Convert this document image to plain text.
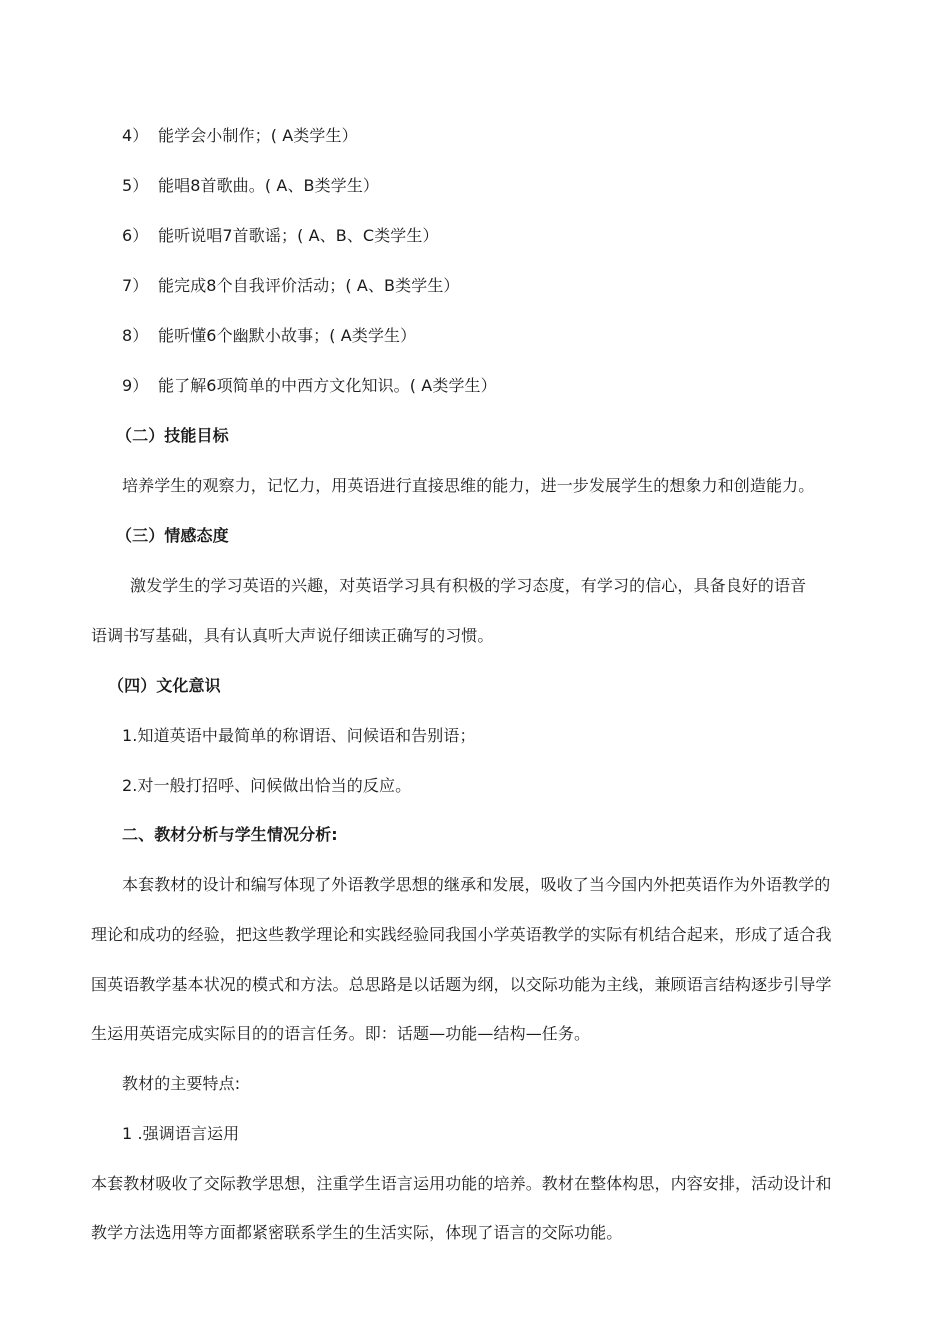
4） 能学会小制作；( A类学生）
5） 能唱8首歌曲。( A、B类学生）
6） 能听说唱7首歌谣；( A、B、C类学生）
7） 能完成8个自我评价活动；( A、B类学生）
8） 能听懂6个幽默小故事；( A类学生）
9） 能了解6项简单的中西方文化知识。( A类学生）
（二）技能目标
培养学生的观察力，记忆力，用英语进行直接思维的能力，进一步发展学生的想象力和创造能力。
（三）情感态度
激发学生的学习英语的兴趣，对英语学习具有积极的学习态度，有学习的信心，具备良好的语音
语调书写基础，具有认真听大声说仔细读正确写的习惯。
（四）文化意识
1.知道英语中最简单的称谓语、问候语和告别语；
2.对一般打招呼、问候做出恰当的反应。
二、教材分析与学生情况分析:
本套教材的设计和编写体现了外语教学思想的继承和发展，吸收了当今国内外把英语作为外语教学的
理论和成功的经验，把这些教学理论和实践经验同我国小学英语教学的实际有机结合起来，形成了适合我
国英语教学基本状况的模式和方法。总思路是以话题为纲，以交际功能为主线，兼顾语言结构逐步引导学
生运用英语完成实际目的的语言任务。即：话题—功能—结构—任务。
教材的主要特点:
1 .强调语言运用
本套教材吸收了交际教学思想，注重学生语言运用功能的培养。教材在整体构思，内容安排，活动设计和
教学方法选用等方面都紧密联系学生的生活实际，体现了语言的交际功能。
